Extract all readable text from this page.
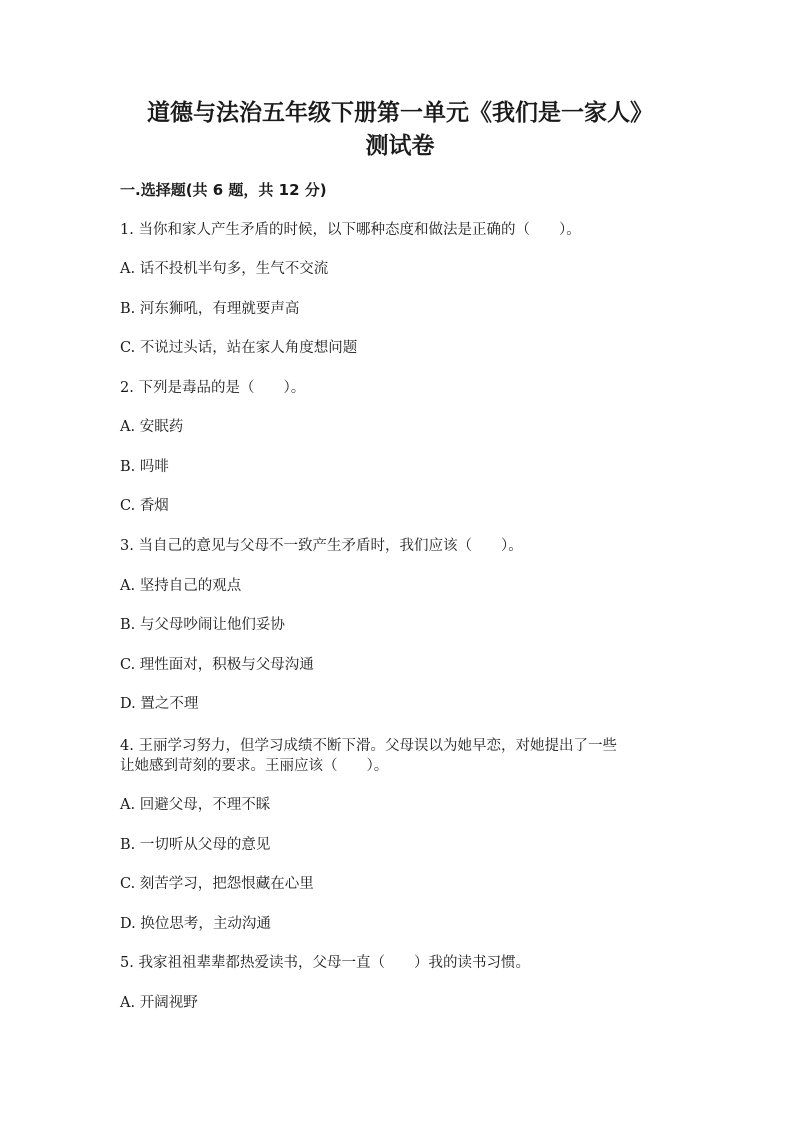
道德与法治五年级下册第一单元《我们是一家人》
测试卷
一.选择题(共 6 题，共 12 分)
1. 当你和家人产生矛盾的时候，以下哪种态度和做法是正确的（　　）。
A. 话不投机半句多，生气不交流
B. 河东狮吼，有理就要声高
C. 不说过头话，站在家人角度想问题
2. 下列是毒品的是（　　）。
A. 安眠药
B. 吗啡
C. 香烟
3. 当自己的意见与父母不一致产生矛盾时，我们应该（　　）。
A. 坚持自己的观点
B. 与父母吵闹让他们妥协
C. 理性面对，积极与父母沟通
D. 置之不理
4. 王丽学习努力，但学习成绩不断下滑。父母误以为她早恋，对她提出了一些
让她感到苛刻的要求。王丽应该（　　）。
A. 回避父母，不理不睬
B. 一切听从父母的意见
C. 刻苦学习，把怨恨藏在心里
D. 换位思考，主动沟通
5. 我家祖祖辈辈都热爱读书，父母一直（　　）我的读书习惯。
A. 开阔视野
